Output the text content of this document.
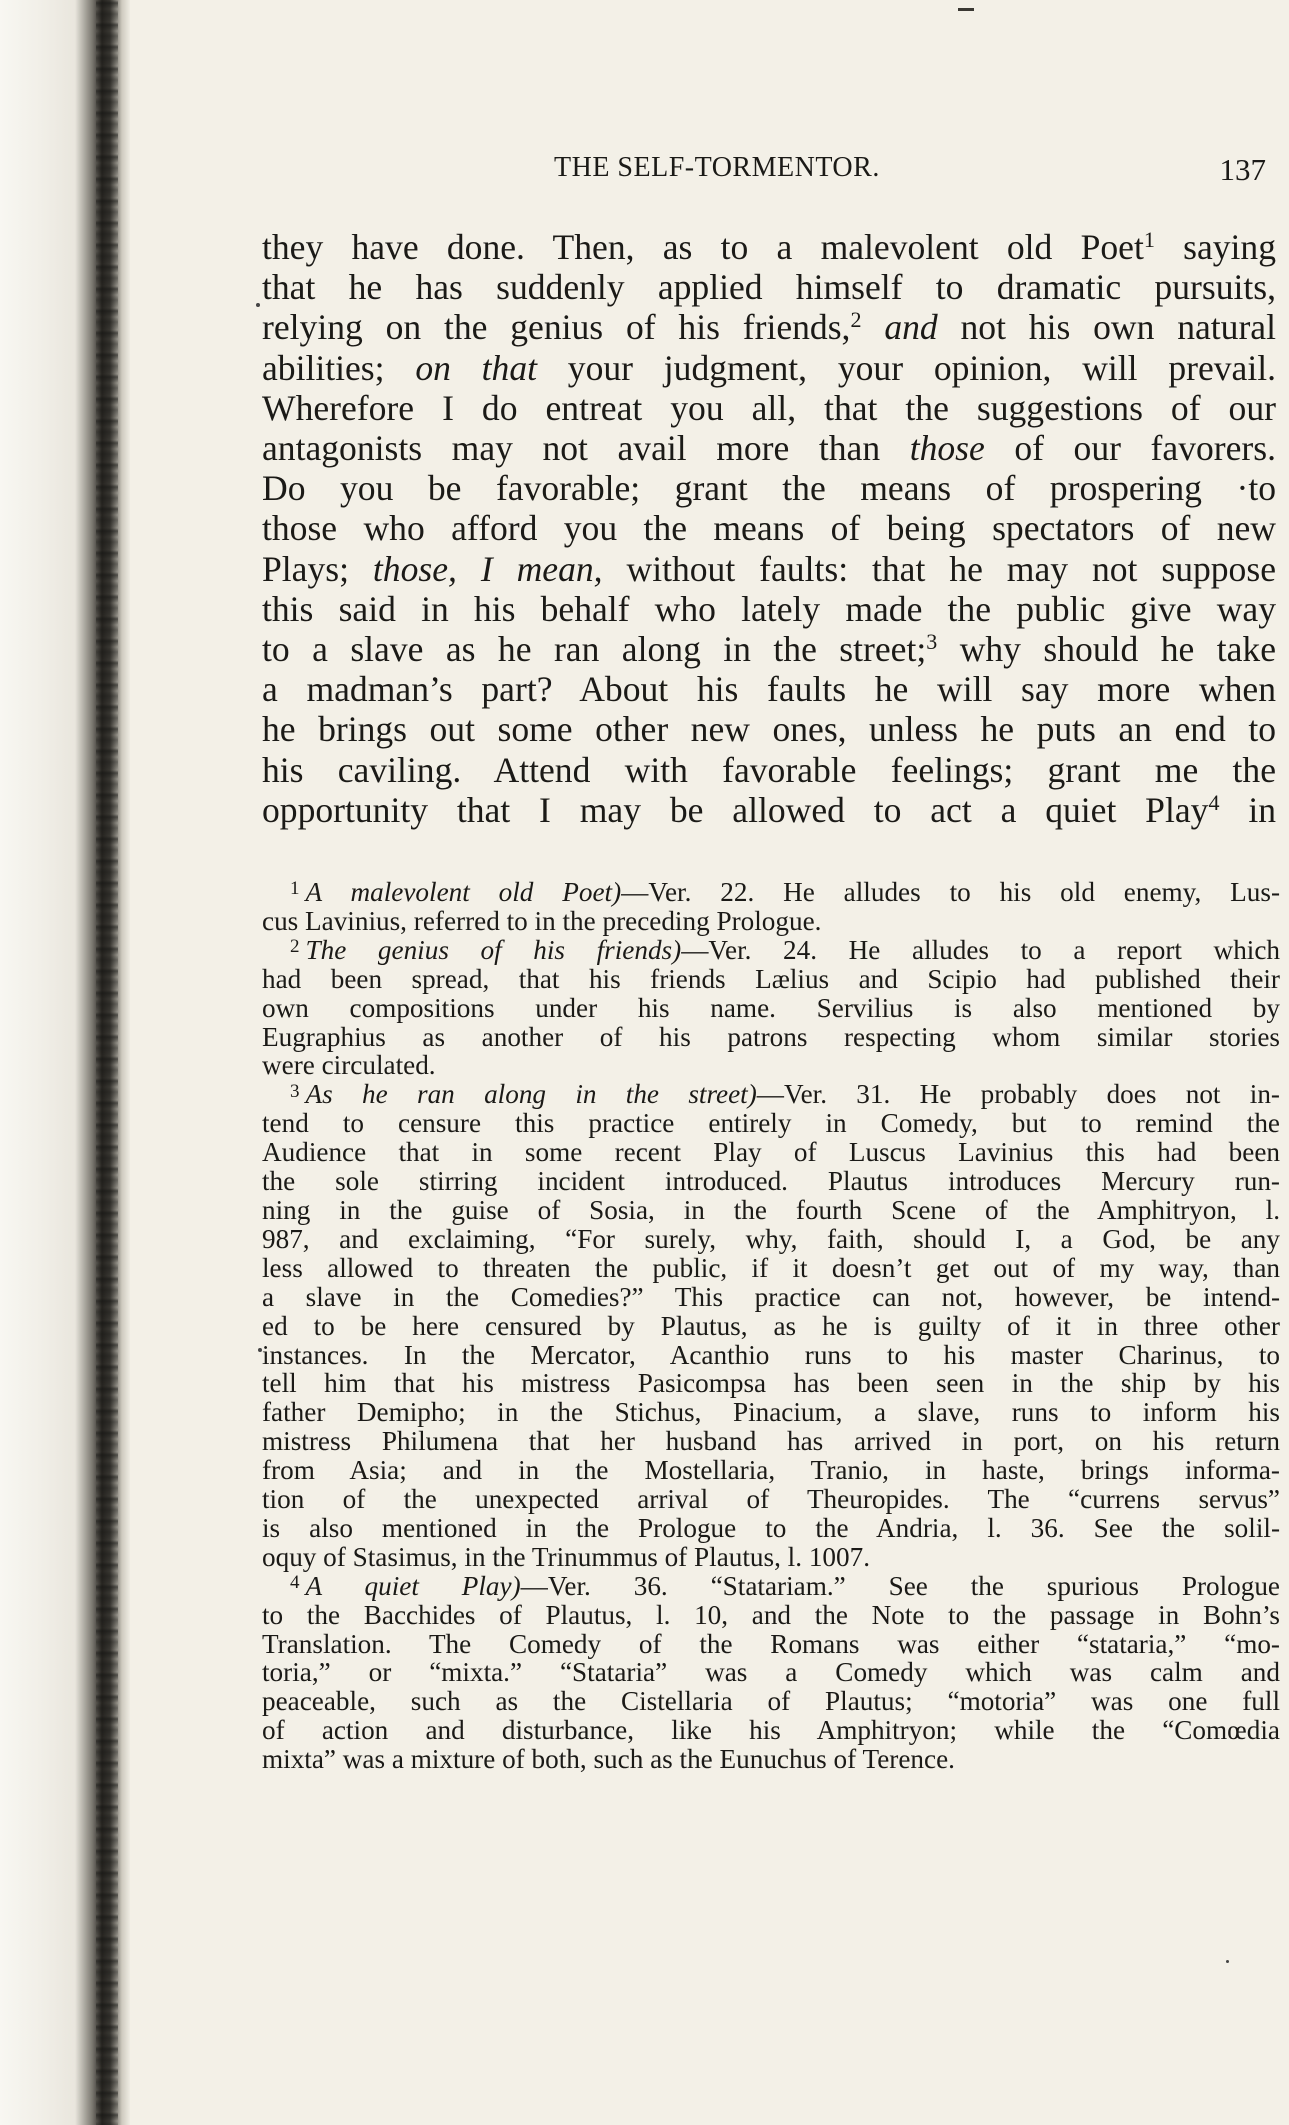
THE SELF-TORMENTOR.	137
they have done. Then, as to a malevolent old Poet$^1$ saying
that he has suddenly applied himself to dramatic pursuits,
relying on the genius of his friends,$^2$ and not his own natural
abilities; on that your judgment, your opinion, will prevail.
Wherefore I do entreat you all, that the suggestions of our
antagonists may not avail more than those of our favorers.
Do you be favorable; grant the means of prospering ·to
those who afford you the means of being spectators of new
Plays; those, I mean, without faults: that he may not suppose
this said in his behalf who lately made the public give way
to a slave as he ran along in the street;$^3$ why should he take
a madman’s part? About his faults he will say more when
he brings out some other new ones, unless he puts an end to
his caviling. Attend with favorable feelings; grant me the
opportunity that I may be allowed to act a quiet Play$^4$ in
$^1$ A malevolent old Poet)—Ver. 22. He alludes to his old enemy, Lus-
cus Lavinius, referred to in the preceding Prologue.
$^2$ The genius of his friends)—Ver. 24. He alludes to a report which
had been spread, that his friends Lælius and Scipio had published their
own compositions under his name. Servilius is also mentioned by
Eugraphius as another of his patrons respecting whom similar stories
were circulated.
$^3$ As he ran along in the street)—Ver. 31. He probably does not in-
tend to censure this practice entirely in Comedy, but to remind the
Audience that in some recent Play of Luscus Lavinius this had been
the sole stirring incident introduced. Plautus introduces Mercury run-
ning in the guise of Sosia, in the fourth Scene of the Amphitryon, l.
987, and exclaiming, “For surely, why, faith, should I, a God, be any
less allowed to threaten the public, if it doesn’t get out of my way, than
a slave in the Comedies?” This practice can not, however, be intend-
ed to be here censured by Plautus, as he is guilty of it in three other
instances. In the Mercator, Acanthio runs to his master Charinus, to
tell him that his mistress Pasicompsa has been seen in the ship by his
father Demipho; in the Stichus, Pinacium, a slave, runs to inform his
mistress Philumena that her husband has arrived in port, on his return
from Asia; and in the Mostellaria, Tranio, in haste, brings informa-
tion of the unexpected arrival of Theuropides. The “currens servus”
is also mentioned in the Prologue to the Andria, l. 36. See the solil-
oquy of Stasimus, in the Trinummus of Plautus, l. 1007.
$^4$ A quiet Play)—Ver. 36. “Statariam.” See the spurious Prologue
to the Bacchides of Plautus, l. 10, and the Note to the passage in Bohn’s
Translation. The Comedy of the Romans was either “stataria,” “mo-
toria,” or “mixta.” “Stataria” was a Comedy which was calm and
peaceable, such as the Cistellaria of Plautus; “motoria” was one full
of action and disturbance, like his Amphitryon; while the “Comœdia
mixta” was a mixture of both, such as the Eunuchus of Terence.
